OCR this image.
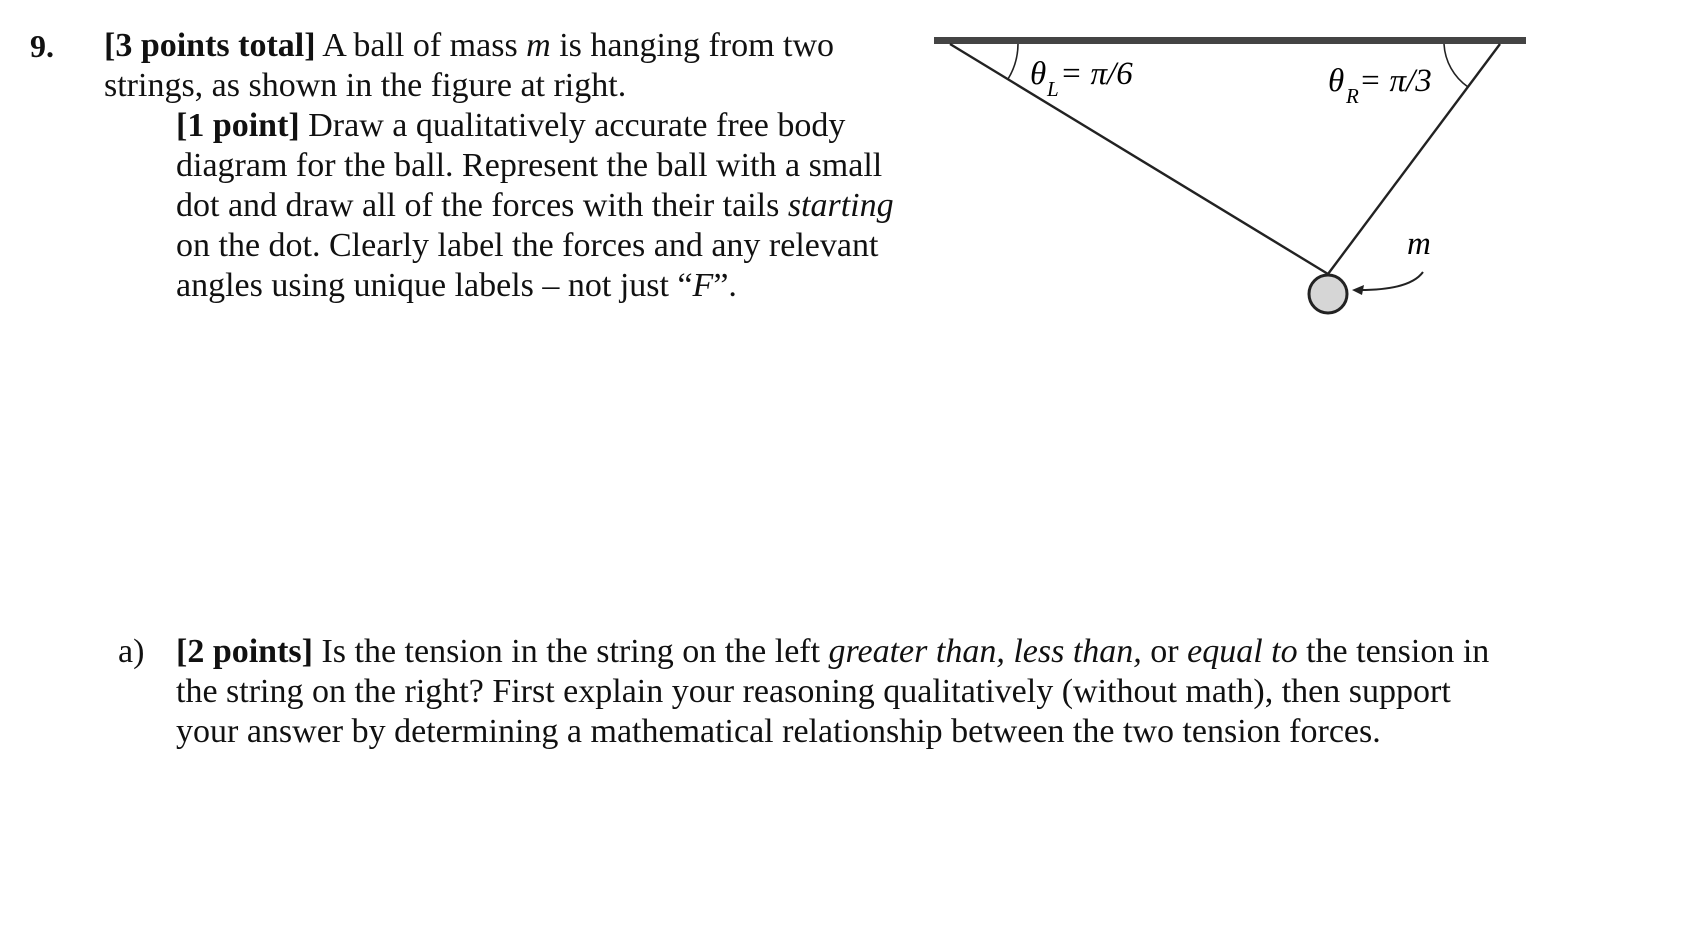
9. [3 points total] A ball of mass m is hanging from two strings, as shown in the figure at right.
[1 point] Draw a qualitatively accurate free body diagram for the ball. Represent the ball with a small dot and draw all of the forces with their tails starting on the dot. Clearly label the forces and any relevant angles using unique labels – not just “F”.
θ L = π/6	θ R = π/3
m
a) [2 points] Is the tension in the string on the left greater than, less than, or equal to the tension in the string on the right? First explain your reasoning qualitatively (without math), then support your answer by determining a mathematical relationship between the two tension forces.
